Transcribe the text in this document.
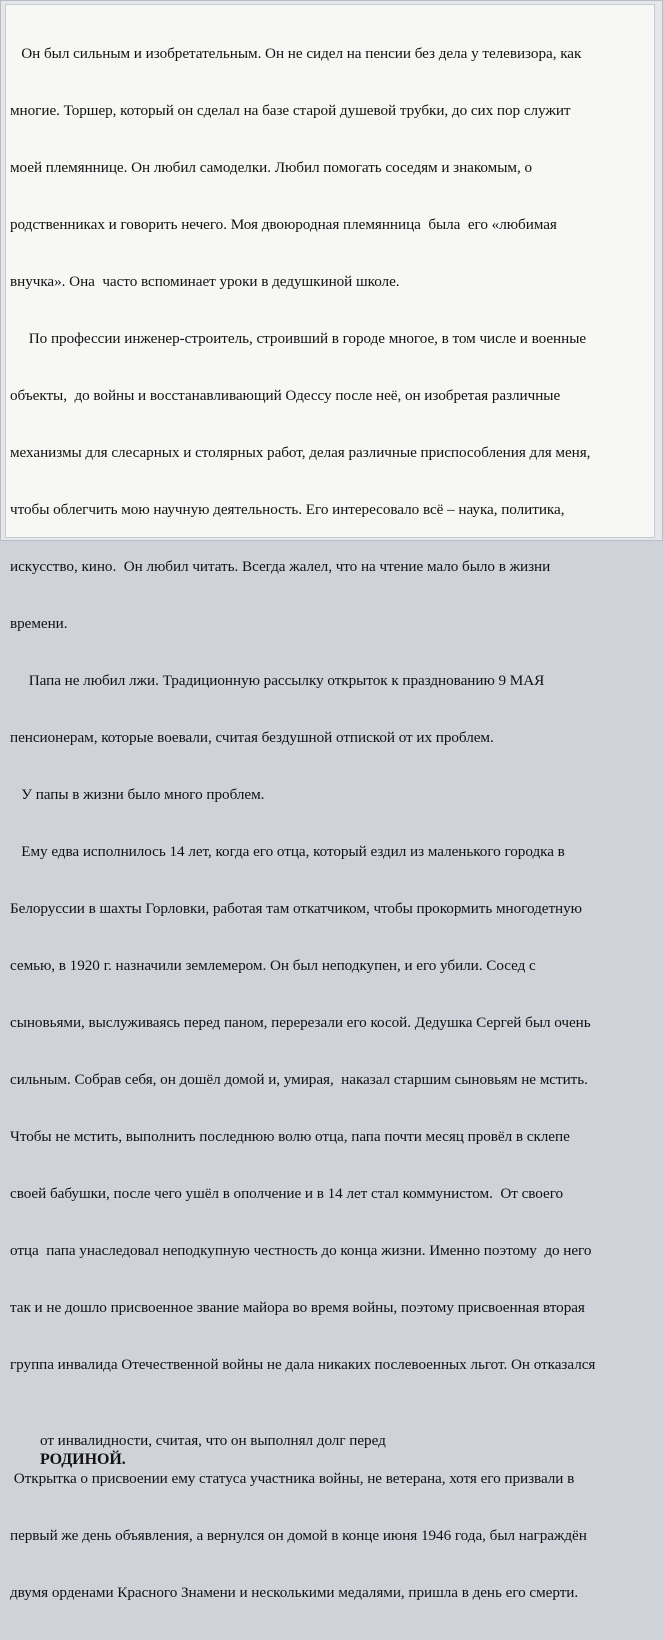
Он был сильным и изобретательным. Он не сидел на пенсии без дела у телевизора, как

многие. Торшер, который он сделал на базе старой душевой трубки, до сих пор служит

моей племяннице. Он любил самоделки. Любил помогать соседям и знакомым, о

родственниках и говорить нечего. Моя двоюродная племянница  была  его «любимая

внучка». Она  часто вспоминает уроки в дедушкиной школе.

По профессии инженер-строитель, строивший в городе многое, в том числе и военные

объекты,  до войны и восстанавливающий Одессу после неё, он изобретая различные

механизмы для слесарных и столярных работ, делая различные приспособления для меня,

чтобы облегчить мою научную деятельность. Его интересовало всё – наука, политика,

искусство, кино.  Он любил читать. Всегда жалел, что на чтение мало было в жизни

времени.

Папа не любил лжи. Традиционную рассылку открыток к празднованию 9 МАЯ

пенсионерам, которые воевали, считая бездушной отпиской от их проблем.

У папы в жизни было много проблем.

Ему едва исполнилось 14 лет, когда его отца, который ездил из маленького городка в

Белоруссии в шахты Горловки, работая там откатчиком, чтобы прокормить многодетную

семью, в 1920 г. назначили землемером. Он был неподкупен, и его убили. Сосед с

сыновьями, выслуживаясь перед паном, перерезали его косой. Дедушка Сергей был очень

сильным. Собрав себя, он дошёл домой и, умирая,  наказал старшим сыновьям не мстить.

Чтобы не мстить, выполнить последнюю волю отца, папа почти месяц провёл в склепе

своей бабушки, после чего ушёл в ополчение и в 14 лет стал коммунистом.  От своего

отца  папа унаследовал неподкупную честность до конца жизни. Именно поэтому  до него

так и не дошло присвоенное звание майора во время войны, поэтому присвоенная вторая

группа инвалида Отечественной войны не дала никаких послевоенных льгот. Он отказался

от инвалидности, считая, что он выполнял долг перед
РОДИНОЙ.

Открытка о присвоении ему статуса участника войны, не ветерана, хотя его призвали в

первый же день объявления, а вернулся он домой в конце июня 1946 года, был награждён

двумя орденами Красного Знамени и несколькими медалями, пришла в день его смерти.
